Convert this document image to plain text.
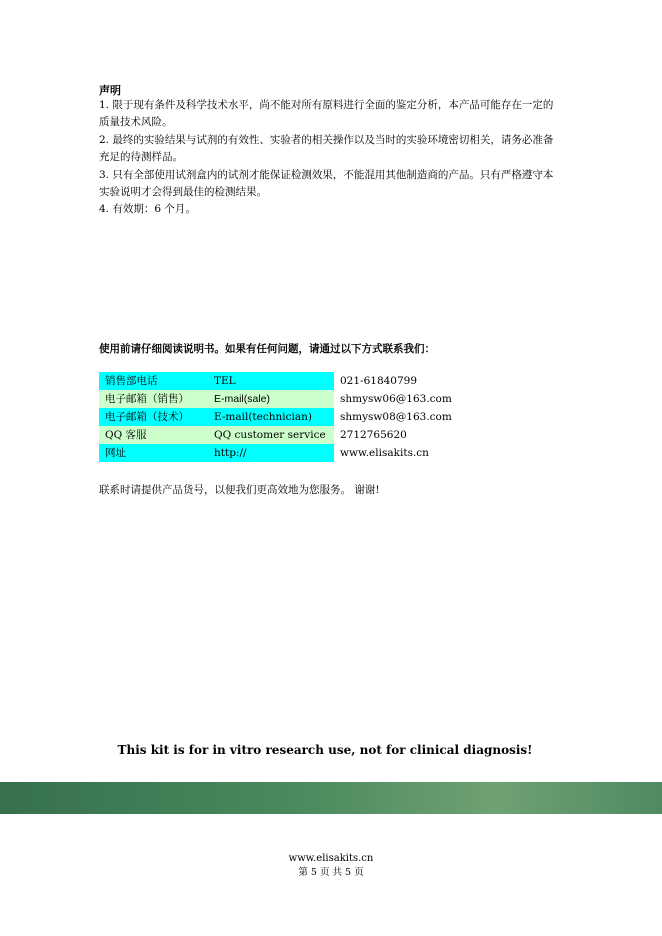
声明

1. 限于现有条件及科学技术水平，尚不能对所有原料进行全面的鉴定分析，本产品可能存在一定的质量技术风险。

2. 最终的实验结果与试剂的有效性、实验者的相关操作以及当时的实验环境密切相关，请务必准备充足的待测样品。

3. 只有全部使用试剂盒内的试剂才能保证检测效果，不能混用其他制造商的产品。只有严格遵守本实验说明才会得到最佳的检测结果。

4. 有效期：6 个月。

使用前请仔细阅读说明书。如果有任何问题，请通过以下方式联系我们：
销售部电话	TEL	021-61840799
电子邮箱（销售）	E-mail(sale)	shmysw06@163.com
电子邮箱（技术）	E-mail(technician)	shmysw08@163.com
QQ 客服	QQ customer service	2712765620
网址	http://	www.elisakits.cn
联系时请提供产品货号，以便我们更高效地为您服务。 谢谢!
This kit is for in vitro research use, not for clinical diagnosis!
www.elisakits.cn
第 5 页 共 5 页
